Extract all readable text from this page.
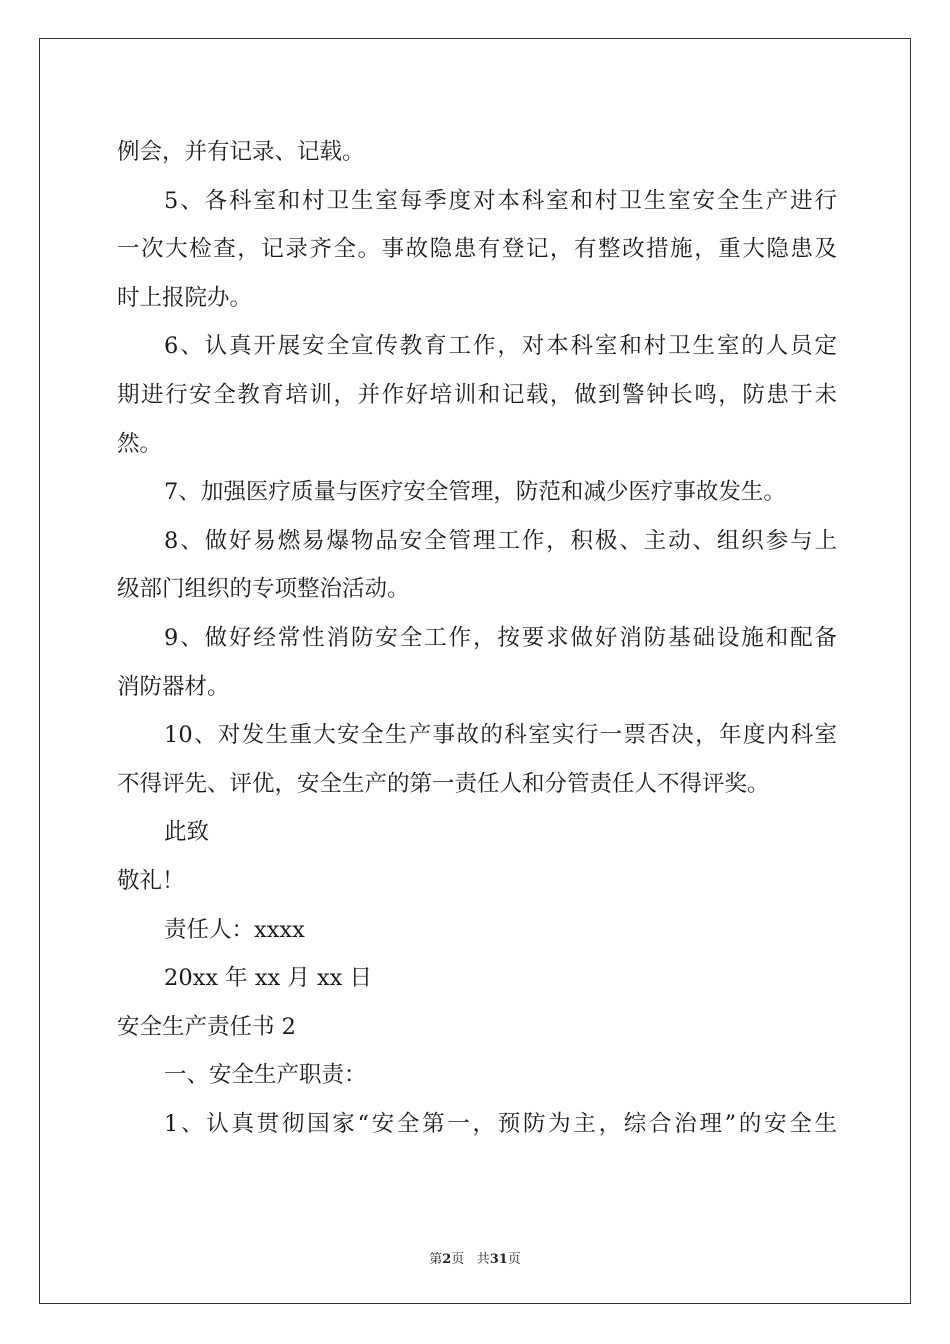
例会，并有记录、记载。
5、各科室和村卫生室每季度对本科室和村卫生室安全生产进行
一次大检查，记录齐全。事故隐患有登记，有整改措施，重大隐患及
时上报院办。
6、认真开展安全宣传教育工作，对本科室和村卫生室的人员定
期进行安全教育培训，并作好培训和记载，做到警钟长鸣，防患于未
然。
7、加强医疗质量与医疗安全管理，防范和减少医疗事故发生。
8、做好易燃易爆物品安全管理工作，积极、主动、组织参与上
级部门组织的专项整治活动。
9、做好经常性消防安全工作，按要求做好消防基础设施和配备
消防器材。
10、对发生重大安全生产事故的科室实行一票否决，年度内科室
不得评先、评优，安全生产的第一责任人和分管责任人不得评奖。
此致
敬礼！
责任人：xxxx
20xx 年 xx 月 xx 日
安全生产责任书 2
一、安全生产职责：
1、认真贯彻国家“安全第一，预防为主，综合治理”的安全生
第2页 共31页
